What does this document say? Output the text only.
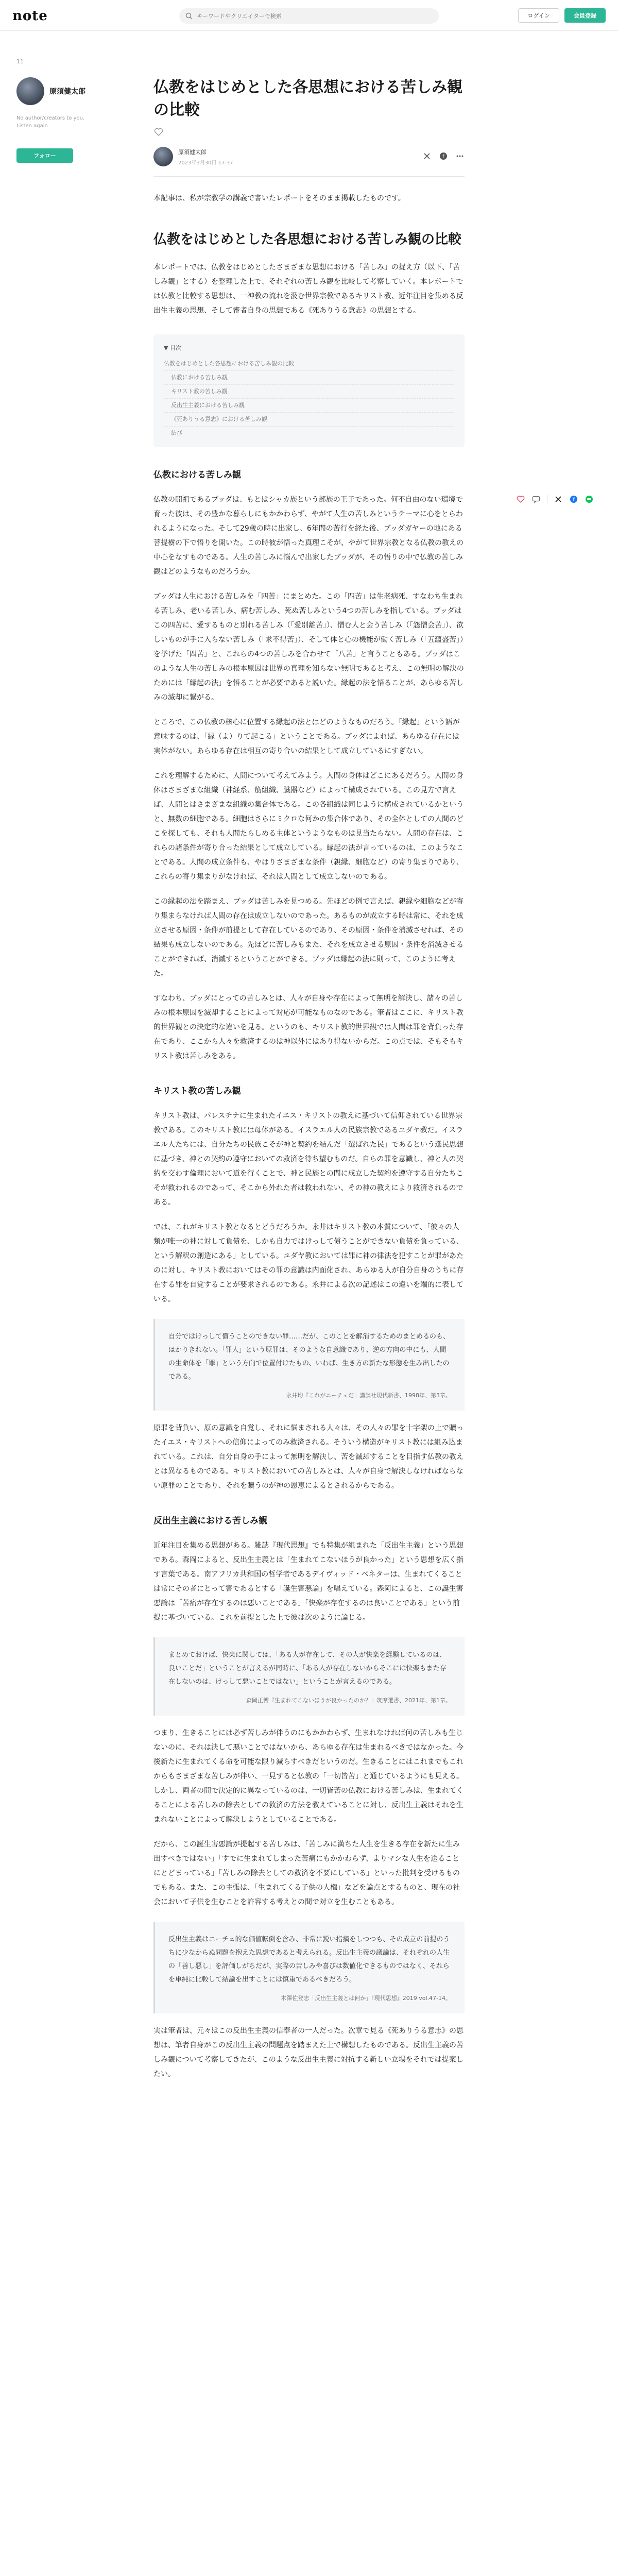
note
キーワードやクリエイターで検索	ログイン	会員登録
11
原須健太郎
No author/creators to you. Listen again
フォロー
仏教をはじめとした各思想における苦しみ観の比較
原須健太郎
2023年3月30日 17:37
f

本記事は、私が宗教学の講義で書いたレポートをそのまま掲載したものです。

仏教をはじめとした各思想における苦しみ観の比較

本レポートでは、仏教をはじめとしたさまざまな思想における「苦しみ」の捉え方（以下、「苦しみ観」とする）を整理した上で、それぞれの苦しみ観を比較して考察していく。本レポートでは仏教と比較する思想は、一神教の流れを汲む世界宗教であるキリスト教、近年注目を集める反出生主義の思想、そして審者自身の思想である《死ありうる意志》の思想とする。

▼ 目次
仏教をはじめとした各思想における苦しみ観の比較
仏教における苦しみ観
キリスト教の苦しみ観
反出生主義における苦しみ観
《死ありうる意志》における苦しみ観
結び
仏教における苦しみ観

仏教の開祖であるブッダは、もとはシャカ族という部族の王子であった。何不自由のない環境で育った彼は、その豊かな暮らしにもかかわらず、やがて人生の苦しみというテーマに心をとらわれるようになった。そして29歳の時に出家し、6年間の苦行を経た後、ブッダガヤーの地にある菩提樹の下で悟りを開いた。この時彼が悟った真理こそが、やがて世界宗教となる仏教の教えの中心をなすものである。人生の苦しみに悩んで出家したブッダが、その悟りの中で仏教の苦しみ観はどのようなものだろうか。

ブッダは人生における苦しみを「四苦」にまとめた。この「四苦」は生老病死、すなわち生まれる苦しみ、老いる苦しみ、病む苦しみ、死ぬ苦しみという4つの苦しみを指している。ブッダはこの四苦に、愛するものと別れる苦しみ（「愛別離苦」）、憎む人と会う苦しみ（「怨憎会苦」）、欲しいものが手に入らない苦しみ（「求不得苦」）、そして体と心の機能が働く苦しみ（「五蘊盛苦」）を挙げた「四苦」と、これらの4つの苦しみを合わせて「八苦」と言うこともある。ブッダはこのような人生の苦しみの根本原因は世界の真理を知らない無明であると考え、この無明の解決のためには「縁起の法」を悟ることが必要であると説いた。縁起の法を悟ることが、あらゆる苦しみの滅却に繋がる。

ところで、この仏教の核心に位置する縁起の法とはどのようなものだろう。「縁起」という語が意味するのは、「縁（よ）りて起こる」ということである。ブッダによれば、あらゆる存在には実体がない。あらゆる存在は相互の寄り合いの結果として成立しているにすぎない。

これを理解するために、人間について考えてみよう。人間の身体はどこにあるだろう。人間の身体はさまざまな組織（神経系、筋組織、臓器など）によって構成されている。この見方で言えば、人間とはさまざまな組織の集合体である。この各組織は同じように構成されているかというと、無数の細胞である。細胞はさらにミクロな何かの集合体であり、その全体としての人間のどこを探しても、それも人間たらしめる主体というようなものは見当たらない。人間の存在は、これらの諸条件が寄り合った結果として成立している。縁起の法が言っているのは、このようなことである。人間の成立条件も、やはりさまざまな条件（親縁、細胞など）の寄り集まりであり、これらの寄り集まりがなければ、それは人間として成立しないのである。

この縁起の法を踏まえ、ブッダは苦しみを見つめる。先ほどの例で言えば、親縁や細胞などが寄り集まらなければ人間の存在は成立しないのであった。あるものが成立する時は常に、それを成立させる原因・条件が前提として存在しているのであり、その原因・条件を消滅させれば、その結果も成立しないのである。先ほどに苦しみもまた、それを成立させる原因・条件を消滅させることができれば、消滅するということができる。ブッダは縁起の法に則って、このように考えた。

すなわち、ブッダにとっての苦しみとは、人々が自身や存在によって無明を解決し、諸々の苦しみの根本原因を滅却することによって対応が可能なものなのである。筆者はここに、キリスト教的世界観との決定的な違いを見る。というのも、キリスト教的世界観では人間は罪を背負った存在であり、ここから人々を救済するのは神以外にはあり得ないからだ。この点では、そもそもキリスト教は苦しみをある。

キリスト教の苦しみ観

キリスト教は、パレスチナに生まれたイエス・キリストの教えに基づいて信仰されている世界宗教である。このキリスト教には母体がある。イスラエル人の民族宗教であるユダヤ教だ。イスラエル人たちには、自分たちの民族こそが神と契約を結んだ「選ばれた民」であるという選民思想に基づき、神との契約の遵守においての救済を待ち望むものだ。自らの罪を意識し、神と人の契約を交わす倫理において道を行くことで、神と民族との間に成立した契約を遵守する自分たちこそが救われるのであって、そこから外れた者は救われない、その神の教えにより救済されるのである。

では、これがキリスト教となるとどうだろうか。永井はキリスト教の本質について、「彼々の人類が唯一の神に対して負債を、しかも自力ではけっして償うことができない負債を負っている、という解釈の創造にある」としている。ユダヤ教においては罪に神の律法を犯すことが罪があたのに対し、キリスト教においてはその罪の意識は内面化され、あらゆる人が自分自身のうちに存在する罪を自覚することが要求されるのである。永井による次の記述はこの違いを端的に表している。

自分ではけっして償うことのできない罪……だが、このことを解消するためのまとめるのも、はかりきれない。「罪人」という原罪は、そのような自意識であり、逆の方向の中にも、人間の生命体を「罪」という方向で位置付けたもの、いわば、生き方の新たな形態を生み出したのである。

永井均『これがニーチェだ』講談社現代新書、1998年、第3章。

原罪を背負い、原の意識を自覚し、それに悩まされる人々は、その人々の罪を十字架の上で贖ったイエス・キリストへの信仰によってのみ救済される。そういう構造がキリスト教には組み込まれている。これは、自分自身の手によって無明を解決し、苦を滅却することを目指す仏教の教えとは異なるものである。キリスト教においての苦しみとは、人々が自身で解決しなければならない原罪のことであり、それを贖うのが神の恩恵によるとされるからである。

反出生主義における苦しみ観

近年注目を集める思想がある。雑誌『現代思想』でも特集が組まれた「反出生主義」という思想である。森岡によると、反出生主義とは「生まれてこないほうが良かった」という思想を広く指す言葉である。南アフリカ共和国の哲学者であるデイヴィッド・ベネターは、生まれてくることは常にその者にとって害であるとする「誕生害悪論」を唱えている。森岡によると、この誕生害悪論は「苦痛が存在するのは悪いことである」「快楽が存在するのは良いことである」という前提に基づいている。これを前提とした上で彼は次のように論じる。

まとめておけば、快楽に関しては、「ある人が存在して、その人が快楽を経験しているのは、良いことだ」ということが言えるが同時に、「ある人が存在しないからそこには快楽もまた存在しないのは、けっして悪いことではない」ということが言えるのである。

森岡正博『生まれてこないほうが良かったのか？』筑摩選書、2021年、第1章。

つまり、生きることには必ず苦しみが伴うのにもかかわらず、生まれなければ何の苦しみも生じないのに、それは決して悪いことではないから、あらゆる存在は生まれるべきではなかった。今後新たに生まれてくる命を可能な限り減らすべきだというのだ。生きることにはこれまでもこれからもさまざまな苦しみが伴い、一見すると仏教の「一切皆苦」と通じているようにも見える。しかし、両者の間で決定的に異なっているのは、一切皆苦の仏教における苦しみは、生まれてくることによる苦しみの除去としての救済の方法を教えていることに対し、反出生主義はそれを生まれないことによって解決しようとしていることである。

だから、この誕生害悪論が提起する苦しみは、「苦しみに満ちた人生を生きる存在を新たに生み出すべきではない」「すでに生まれてしまった苦痛にもかかわらず、よりマシな人生を送ることにとどまっている」「苦しみの除去としての救済を不要にしている」といった批判を受けるものでもある。また、この主張は、「生まれてくる子供の人権」などを論点とするものと、現在の社会において子供を生むことを許容する考えとの間で対立を生むこともある。

反出生主義はニーチェ的な価値転倒を含み、非常に鋭い指摘をしつつも、その成立の前提のうちに少なからぬ問題を抱えた思想であると考えられる。反出生主義の議論は、それぞれの人生の「善し悪し」を評価しがちだが、実際の苦しみや喜びは数値化できるものではなく、それらを単純に比較して結論を出すことには慎重であるべきだろう。

木澤佐登志「反出生主義とは何か」『現代思想』2019 vol.47-14。

実は筆者は、元々はこの反出生主義の信奉者の一人だった。次章で見る《死ありうる意志》の思想は、筆者自身がこの反出生主義の問題点を踏まえた上で構想したものである。反出生主義の苦しみ観について考察してきたが、このような反出生主義に対抗する新しい立場をそれでは提案したい。

f
